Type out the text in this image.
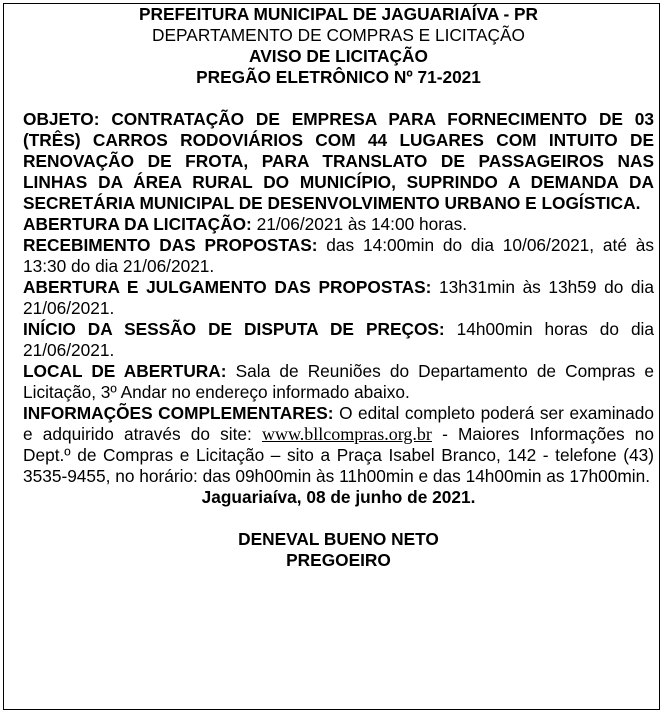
PREFEITURA MUNICIPAL DE JAGUARIAÍVA - PR

DEPARTAMENTO DE COMPRAS E LICITAÇÃO

AVISO DE LICITAÇÃO

PREGÃO ELETRÔNICO Nº 71-2021

OBJETO: CONTRATAÇÃO DE EMPRESA PARA FORNECIMENTO DE 03 (TRÊS) CARROS RODOVIÁRIOS COM 44 LUGARES COM INTUITO DE RENOVAÇÃO DE FROTA, PARA TRANSLATO DE PASSAGEIROS NAS LINHAS DA ÁREA RURAL DO MUNICÍPIO, SUPRINDO A DEMANDA DA SECRETÁRIA MUNICIPAL DE DESENVOLVIMENTO URBANO E LOGÍSTICA.

ABERTURA DA LICITAÇÃO: 21/06/2021 às 14:00 horas.

RECEBIMENTO DAS PROPOSTAS: das 14:00min do dia 10/06/2021, até às 13:30 do dia 21/06/2021.

ABERTURA E JULGAMENTO DAS PROPOSTAS: 13h31min às 13h59 do dia 21/06/2021.

INÍCIO DA SESSÃO DE DISPUTA DE PREÇOS: 14h00min horas do dia 21/06/2021.

LOCAL DE ABERTURA: Sala de Reuniões do Departamento de Compras e Licitação, 3º Andar no endereço informado abaixo.

INFORMAÇÕES COMPLEMENTARES: O edital completo poderá ser examinado e adquirido através do site: www.bllcompras.org.br - Maiores Informações no Dept.º de Compras e Licitação – sito a Praça Isabel Branco, 142 - telefone (43) 3535-9455, no horário: das 09h00min às 11h00min e das 14h00min as 17h00min.

Jaguariaíva, 08 de junho de 2021.

DENEVAL BUENO NETO

PREGOEIRO
